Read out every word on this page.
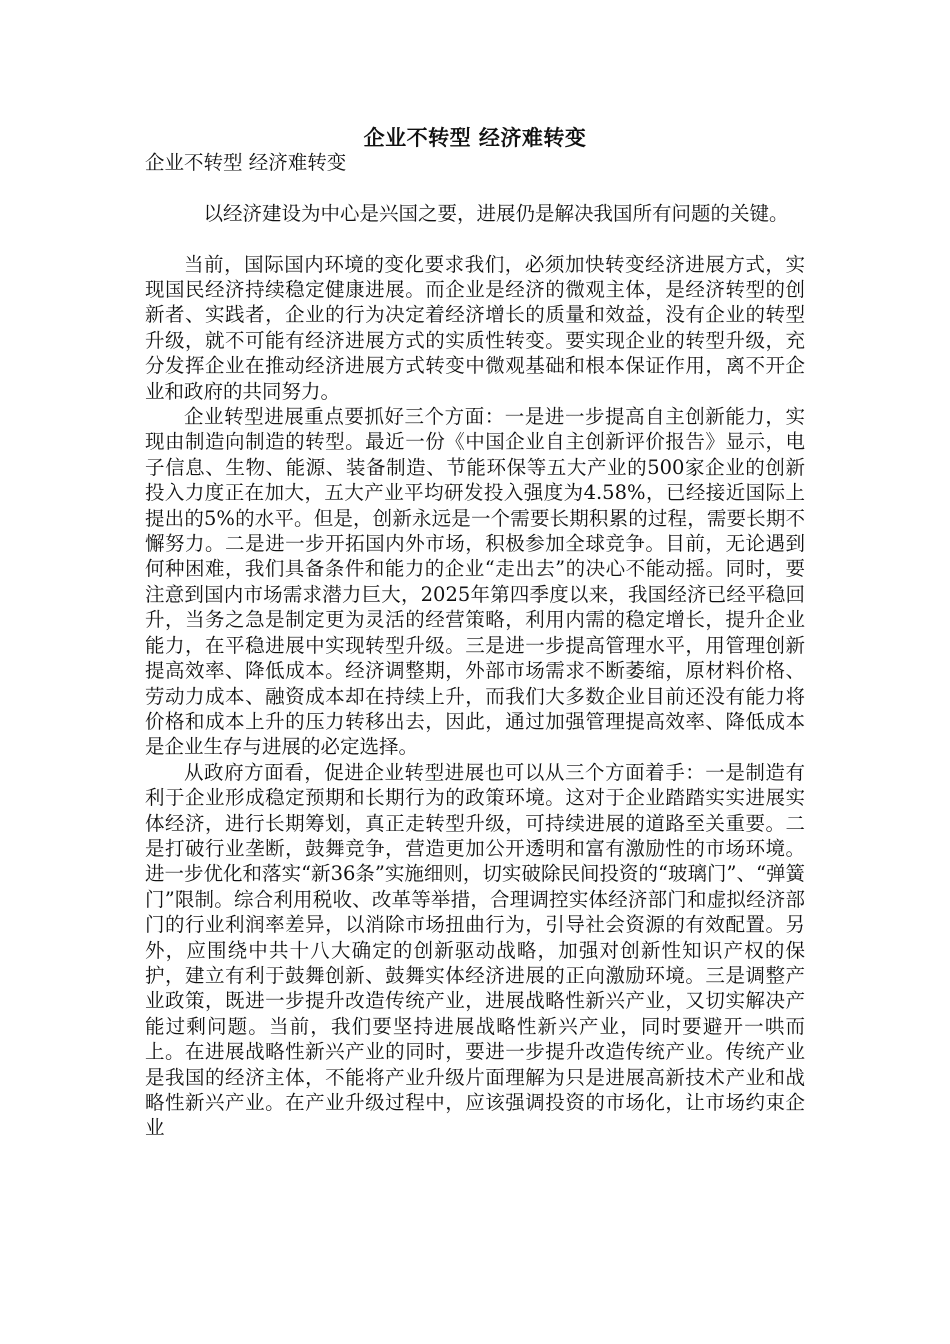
企业不转型 经济难转变

企业不转型 经济难转变

以经济建设为中心是兴国之要，进展仍是解决我国所有问题的关键。

当前，国际国内环境的变化要求我们，必须加快转变经济进展方式，实现国民经济持续稳定健康进展。而企业是经济的微观主体，是经济转型的创新者、实践者，企业的行为决定着经济增长的质量和效益，没有企业的转型升级，就不可能有经济进展方式的实质性转变。要实现企业的转型升级，充分发挥企业在推动经济进展方式转变中微观基础和根本保证作用，离不开企业和政府的共同努力。

企业转型进展重点要抓好三个方面：一是进一步提高自主创新能力，实现由制造向制造的转型。最近一份《中国企业自主创新评价报告》显示，电子信息、生物、能源、装备制造、节能环保等五大产业的500家企业的创新投入力度正在加大，五大产业平均研发投入强度为4.58%，已经接近国际上提出的5%的水平。但是，创新永远是一个需要长期积累的过程，需要长期不懈努力。二是进一步开拓国内外市场，积极参加全球竞争。目前，无论遇到何种困难，我们具备条件和能力的企业“走出去”的决心不能动摇。同时，要注意到国内市场需求潜力巨大，2025年第四季度以来，我国经济已经平稳回升，当务之急是制定更为灵活的经营策略，利用内需的稳定增长，提升企业能力，在平稳进展中实现转型升级。三是进一步提高管理水平，用管理创新提高效率、降低成本。经济调整期，外部市场需求不断萎缩，原材料价格、劳动力成本、融资成本却在持续上升，而我们大多数企业目前还没有能力将价格和成本上升的压力转移出去，因此，通过加强管理提高效率、降低成本是企业生存与进展的必定选择。

从政府方面看，促进企业转型进展也可以从三个方面着手：一是制造有利于企业形成稳定预期和长期行为的政策环境。这对于企业踏踏实实进展实体经济，进行长期筹划，真正走转型升级，可持续进展的道路至关重要。二是打破行业垄断，鼓舞竞争，营造更加公开透明和富有激励性的市场环境。进一步优化和落实“新36条”实施细则，切实破除民间投资的“玻璃门”、“弹簧门”限制。综合利用税收、改革等举措，合理调控实体经济部门和虚拟经济部门的行业利润率差异，以消除市场扭曲行为，引导社会资源的有效配置。另外，应围绕中共十八大确定的创新驱动战略，加强对创新性知识产权的保护，建立有利于鼓舞创新、鼓舞实体经济进展的正向激励环境。三是调整产业政策，既进一步提升改造传统产业，进展战略性新兴产业，又切实解决产能过剩问题。当前，我们要坚持进展战略性新兴产业，同时要避开一哄而上。在进展战略性新兴产业的同时，要进一步提升改造传统产业。传统产业是我国的经济主体，不能将产业升级片面理解为只是进展高新技术产业和战略性新兴产业。在产业升级过程中，应该强调投资的市场化，让市场约束企业
